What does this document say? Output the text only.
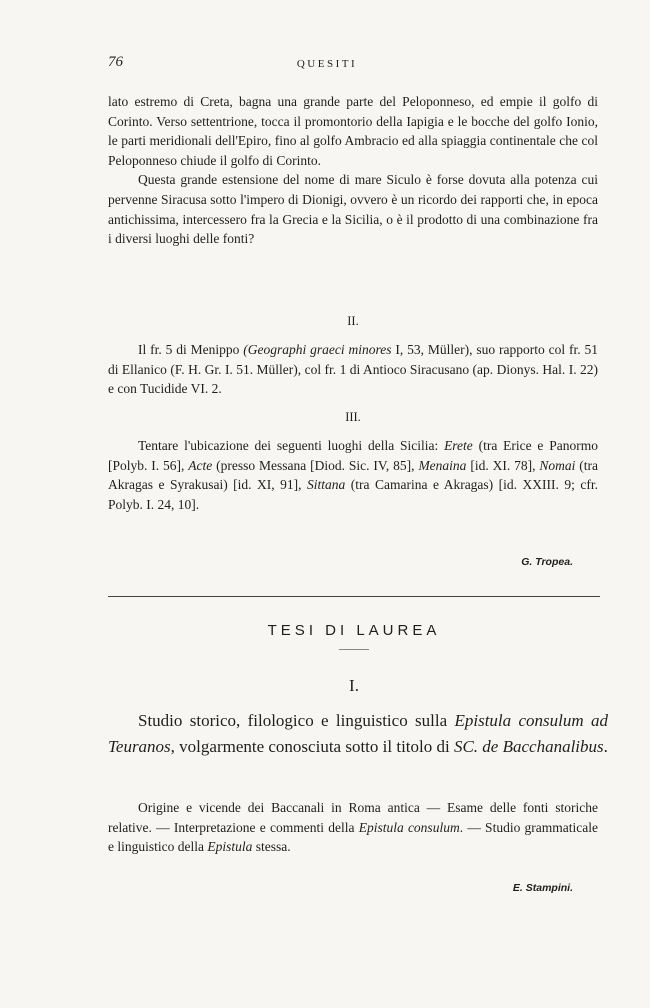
76	QUESITI

lato estremo di Creta, bagna una grande parte del Peloponneso, ed empie il golfo di Corinto. Verso settentrione, tocca il promontorio della Iapigia e le bocche del golfo Ionio, le parti meridionali dell'Epiro, fino al golfo Ambracio ed alla spiaggia continentale che col Peloponneso chiude il golfo di Corinto.

Questa grande estensione del nome di mare Siculo è forse dovuta alla potenza cui pervenne Siracusa sotto l'impero di Dionigi, ovvero è un ricordo dei rapporti che, in epoca antichissima, intercessero fra la Grecia e la Sicilia, o è il prodotto di una combinazione fra i diversi luoghi delle fonti?

II.

Il fr. 5 di Menippo (Geographi graeci minores I, 53, Müller), suo rapporto col fr. 51 di Ellanico (F. H. Gr. I. 51. Müller), col fr. 1 di Antioco Siracusano (ap. Dionys. Hal. I. 22) e con Tucidide VI. 2.

III.

Tentare l'ubicazione dei seguenti luoghi della Sicilia: Erete (tra Erice e Panormo [Polyb. I. 56], Acte (presso Messana [Diod. Sic. IV, 85], Menaina [id. XI. 78], Nomai (tra Akragas e Syrakusai) [id. XI, 91], Sittana (tra Camarina e Akragas) [id. XXIII. 9; cfr. Polyb. I. 24, 10].

G. Tropea.
TESI DI LAUREA
I.

Studio storico, filologico e linguistico sulla Epistula consulum ad Teuranos, volgarmente conosciuta sotto il titolo di SC. de Bacchanalibus.

Origine e vicende dei Baccanali in Roma antica — Esame delle fonti storiche relative. — Interpretazione e commenti della Epistula consulum. — Studio grammaticale e linguistico della Epistula stessa.

E. Stampini.
